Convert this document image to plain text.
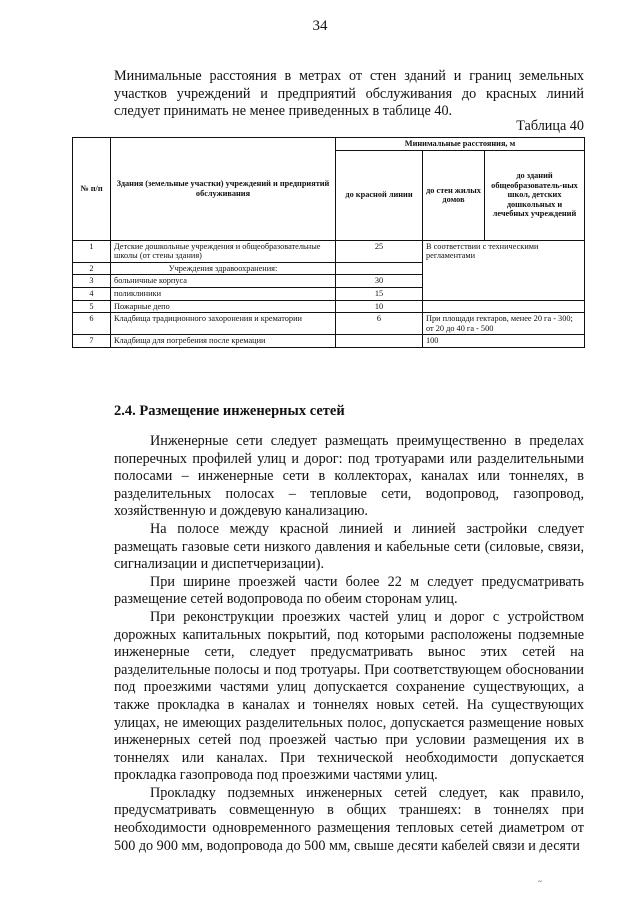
34
Минимальные расстояния в метрах от стен зданий и границ земельных участков учреждений и предприятий обслуживания до красных линий следует принимать не менее приведенных в таблице 40.
Таблица 40
№ п/п	Здания (земельные участки) учреждений и предприятий обслуживания	Минимальные расстояния, м		
		до красной линии	до стен жилых домов	до зданий общеобразователь-ных школ, детских дошкольных и лечебных учреждений
1	Детские дошкольные учреждения и общеобразовательные школы (от стены здания)	25	В соответствии с техническими регламентами	
2	Учреждения здравоохранения:			
3	больничные корпуса	30		
4	поликлиники	15		
5	Пожарные депо	10		
6	Кладбища традиционного захоронения и крематории	6	При площади гектаров, менее 20 га - 300;
от 20 до 40 га - 500	

7	Кладбища для погребения после кремации		100	
2.4. Размещение инженерных сетей

Инженерные сети следует размещать преимущественно в пределах поперечных профилей улиц и дорог: под тротуарами или разделительными полосами – инженерные сети в коллекторах, каналах или тоннелях, в разделительных полосах – тепловые сети, водопровод, газопровод, хозяйственную и дождевую канализацию.

На полосе между красной линией и линией застройки следует размещать газовые сети низкого давления и кабельные сети (силовые, связи, сигнализации и диспетчеризации).

При ширине проезжей части более 22 м следует предусматривать размещение сетей водопровода по обеим сторонам улиц.

При реконструкции проезжих частей улиц и дорог с устройством дорожных капитальных покрытий, под которыми расположены подземные инженерные сети, следует предусматривать вынос этих сетей на разделительные полосы и под тротуары. При соответствующем обосновании под проезжими частями улиц допускается сохранение существующих, а также прокладка в каналах и тоннелях новых сетей. На существующих улицах, не имеющих разделительных полос, допускается размещение новых инженерных сетей под проезжей частью при условии размещения их в тоннелях или каналах. При технической необходимости допускается прокладка газопровода под проезжими частями улиц.

Прокладку подземных инженерных сетей следует, как правило, предусматривать совмещенную в общих траншеях: в тоннелях при необходимости одновременного размещения тепловых сетей диаметром от 500 до 900 мм, водопровода до 500 мм, свыше десяти кабелей связи и десяти

~
